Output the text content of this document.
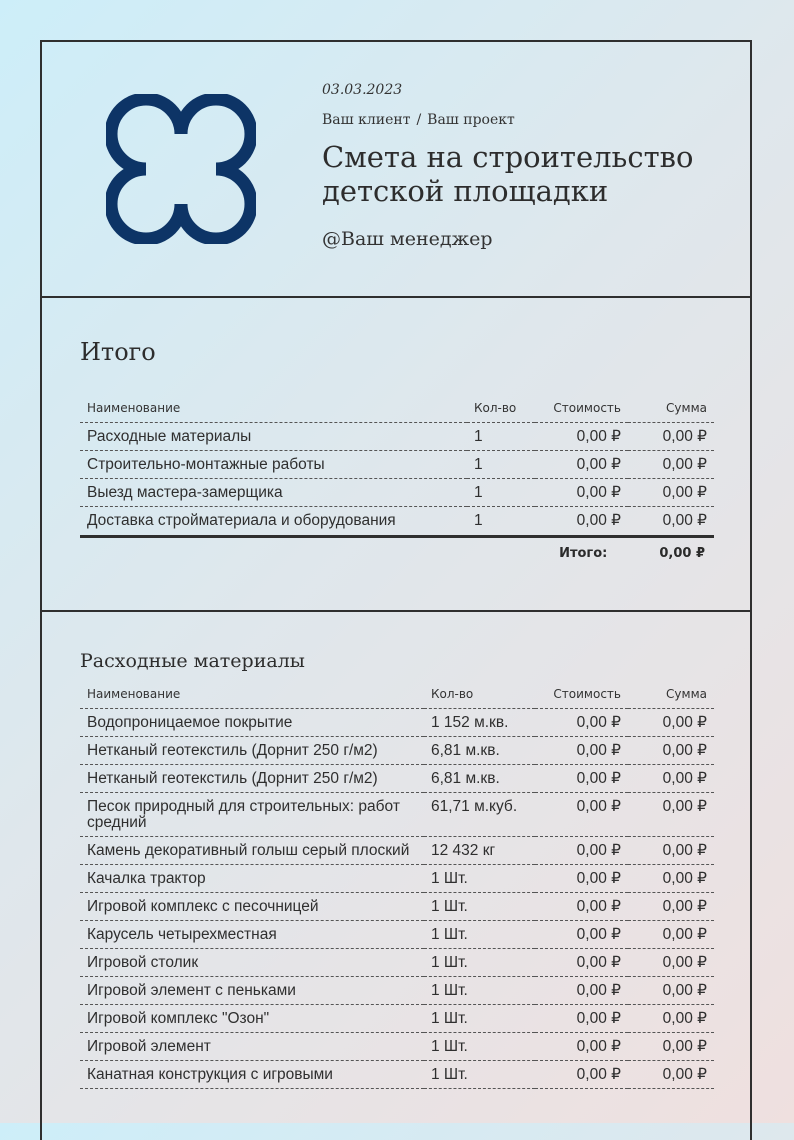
03.03.2023
Ваш клиент / Ваш проект
Смета на строительство
детской площадки
@Ваш менеджер
Итого
Наименование	Кол-во	Стоимость	Сумма
Расходные материалы	1	0,00 ₽	0,00 ₽
Строительно-монтажные работы	1	0,00 ₽	0,00 ₽
Выезд мастера-замерщика	1	0,00 ₽	0,00 ₽
Доставка стройматериала и оборудования	1	0,00 ₽	0,00 ₽
Итого:	0,00 ₽
Расходные материалы
Наименование	Кол-во	Стоимость	Сумма
Водопроницаемое покрытие	1 152 м.кв.	0,00 ₽	0,00 ₽
Нетканый геотекстиль (Дорнит 250 г/м2)	6,81 м.кв.	0,00 ₽	0,00 ₽
Нетканый геотекстиль (Дорнит 250 г/м2)	6,81 м.кв.	0,00 ₽	0,00 ₽
Песок природный для строительных: работ средний	61,71 м.куб.	0,00 ₽	0,00 ₽
Камень декоративный голыш серый плоский	12 432 кг	0,00 ₽	0,00 ₽
Качалка трактор	1 Шт.	0,00 ₽	0,00 ₽
Игровой комплекс с песочницей	1 Шт.	0,00 ₽	0,00 ₽
Карусель четырехместная	1 Шт.	0,00 ₽	0,00 ₽
Игровой столик	1 Шт.	0,00 ₽	0,00 ₽
Игровой элемент с пеньками	1 Шт.	0,00 ₽	0,00 ₽
Игровой комплекс "Озон"	1 Шт.	0,00 ₽	0,00 ₽
Игровой элемент	1 Шт.	0,00 ₽	0,00 ₽
Канатная конструкция с игровыми	1 Шт.	0,00 ₽	0,00 ₽
